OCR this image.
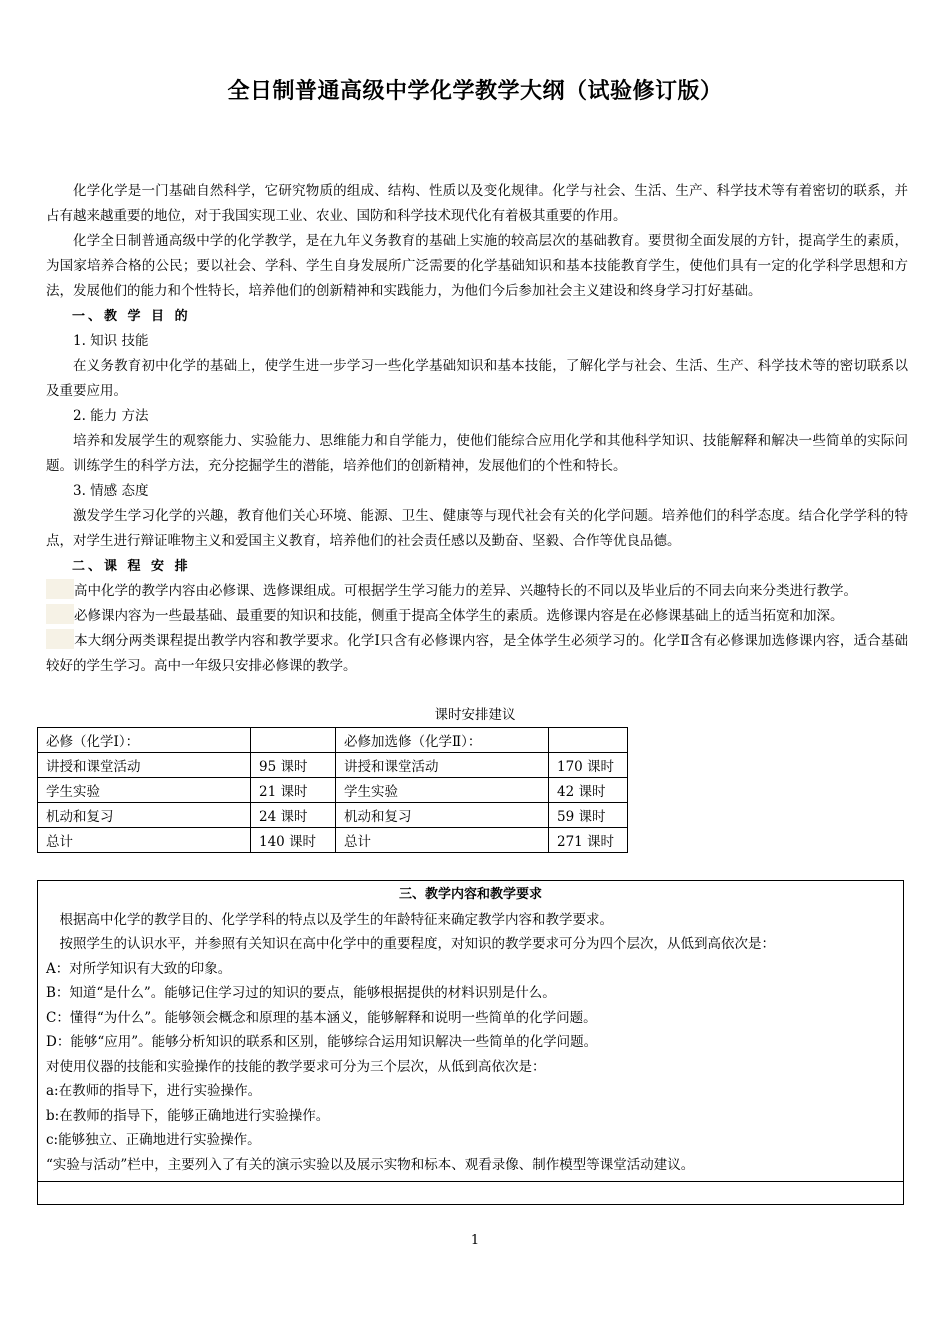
全日制普通高级中学化学教学大纲（试验修订版）

化学化学是一门基础自然科学，它研究物质的组成、结构、性质以及变化规律。化学与社会、生活、生产、科学技术等有着密切的联系，并占有越来越重要的地位，对于我国实现工业、农业、国防和科学技术现代化有着极其重要的作用。

化学全日制普通高级中学的化学教学，是在九年义务教育的基础上实施的较高层次的基础教育。要贯彻全面发展的方针，提高学生的素质，为国家培养合格的公民；要以社会、学科、学生自身发展所广泛需要的化学基础知识和基本技能教育学生，使他们具有一定的化学科学思想和方法，发展他们的能力和个性特长，培养他们的创新精神和实践能力，为他们今后参加社会主义建设和终身学习打好基础。

一、教 学 目 的

1. 知识 技能

在义务教育初中化学的基础上，使学生进一步学习一些化学基础知识和基本技能，了解化学与社会、生活、生产、科学技术等的密切联系以及重要应用。

2. 能力 方法

培养和发展学生的观察能力、实验能力、思维能力和自学能力，使他们能综合应用化学和其他科学知识、技能解释和解决一些简单的实际问题。训练学生的科学方法，充分挖掘学生的潜能，培养他们的创新精神，发展他们的个性和特长。

3. 情感 态度

激发学生学习化学的兴趣，教育他们关心环境、能源、卫生、健康等与现代社会有关的化学问题。培养他们的科学态度。结合化学学科的特点，对学生进行辩证唯物主义和爱国主义教育，培养他们的社会责任感以及勤奋、坚毅、合作等优良品德。

二、课 程 安 排

高中化学的教学内容由必修课、选修课组成。可根据学生学习能力的差异、兴趣特长的不同以及毕业后的不同去向来分类进行教学。

必修课内容为一些最基础、最重要的知识和技能，侧重于提高全体学生的素质。选修课内容是在必修课基础上的适当拓宽和加深。

本大纲分两类课程提出教学内容和教学要求。化学Ⅰ只含有必修课内容，是全体学生必须学习的。化学Ⅱ含有必修课加选修课内容，适合基础较好的学生学习。高中一年级只安排必修课的教学。

课时安排建议
必修（化学Ⅰ）：		必修加选修（化学Ⅱ）：	
讲授和课堂活动	95 课时	讲授和课堂活动	170 课时
学生实验	21 课时	学生实验	42 课时
机动和复习	24 课时	机动和复习	59 课时
总计	140 课时	总计	271 课时

三、教学内容和教学要求

根据高中化学的教学目的、化学学科的特点以及学生的年龄特征来确定教学内容和教学要求。

按照学生的认识水平，并参照有关知识在高中化学中的重要程度，对知识的教学要求可分为四个层次，从低到高依次是：

A：对所学知识有大致的印象。

B：知道“是什么”。能够记住学习过的知识的要点，能够根据提供的材料识别是什么。

C：懂得“为什么”。能够领会概念和原理的基本涵义，能够解释和说明一些简单的化学问题。

D：能够“应用”。能够分析知识的联系和区别，能够综合运用知识解决一些简单的化学问题。

对使用仪器的技能和实验操作的技能的教学要求可分为三个层次，从低到高依次是：

a:在教师的指导下，进行实验操作。

b:在教师的指导下，能够正确地进行实验操作。

c:能够独立、正确地进行实验操作。

“实验与活动”栏中，主要列入了有关的演示实验以及展示实物和标本、观看录像、制作模型等课堂活动建议。

1
